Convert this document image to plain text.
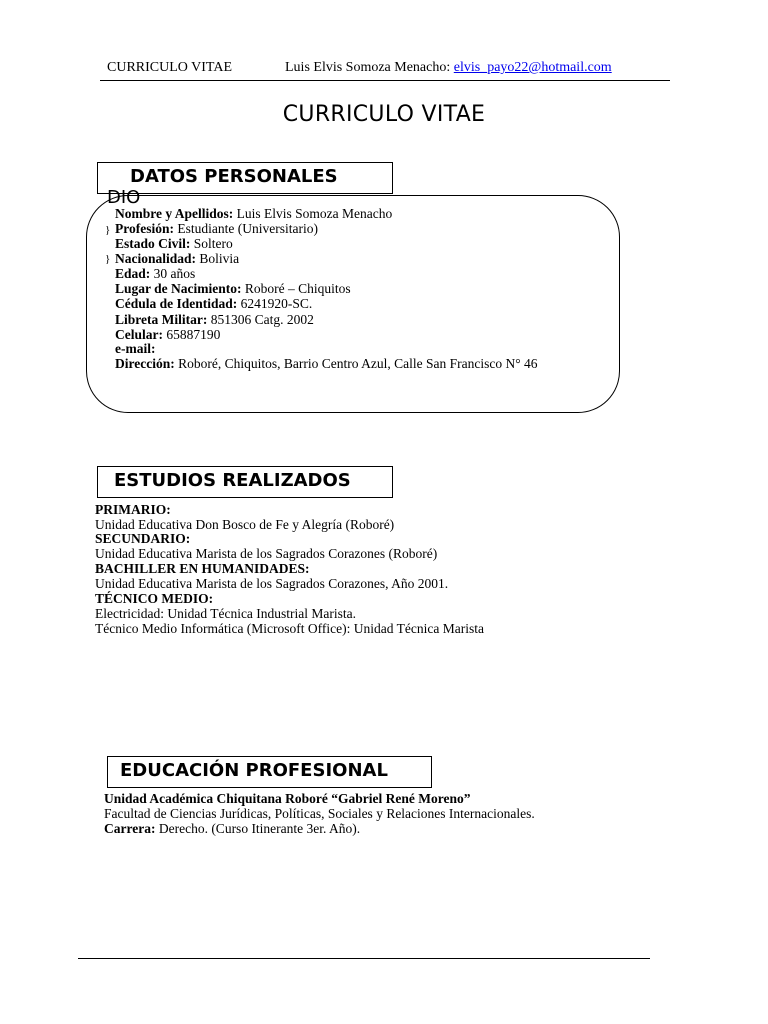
CURRICULO VITAE	Luis Elvis Somoza Menacho: elvis_payo22@hotmail.com
CURRICULO VITAE
DATOS PERSONALES
DIO
}
}
Nombre y Apellidos: Luis Elvis Somoza Menacho
Profesión: Estudiante (Universitario)
Estado Civil: Soltero
Nacionalidad: Bolivia
Edad: 30 años
Lugar de Nacimiento: Roboré – Chiquitos
Cédula de Identidad: 6241920-SC.
Libreta Militar: 851306 Catg. 2002
Celular: 65887190
e-mail:
Dirección: Roboré, Chiquitos, Barrio Centro Azul, Calle San Francisco N° 46
ESTUDIOS REALIZADOS
PRIMARIO:
Unidad Educativa Don Bosco de Fe y Alegría (Roboré)
SECUNDARIO:
Unidad Educativa Marista de los Sagrados Corazones (Roboré)
BACHILLER EN HUMANIDADES:
Unidad Educativa Marista de los Sagrados Corazones, Año 2001.
TÉCNICO MEDIO:
Electricidad: Unidad Técnica Industrial Marista.
Técnico Medio Informática (Microsoft Office): Unidad Técnica Marista
EDUCACIÓN PROFESIONAL
Unidad Académica Chiquitana Roboré “Gabriel René Moreno”
Facultad de Ciencias Jurídicas, Políticas, Sociales y Relaciones Internacionales.
Carrera: Derecho. (Curso Itinerante 3er. Año).
